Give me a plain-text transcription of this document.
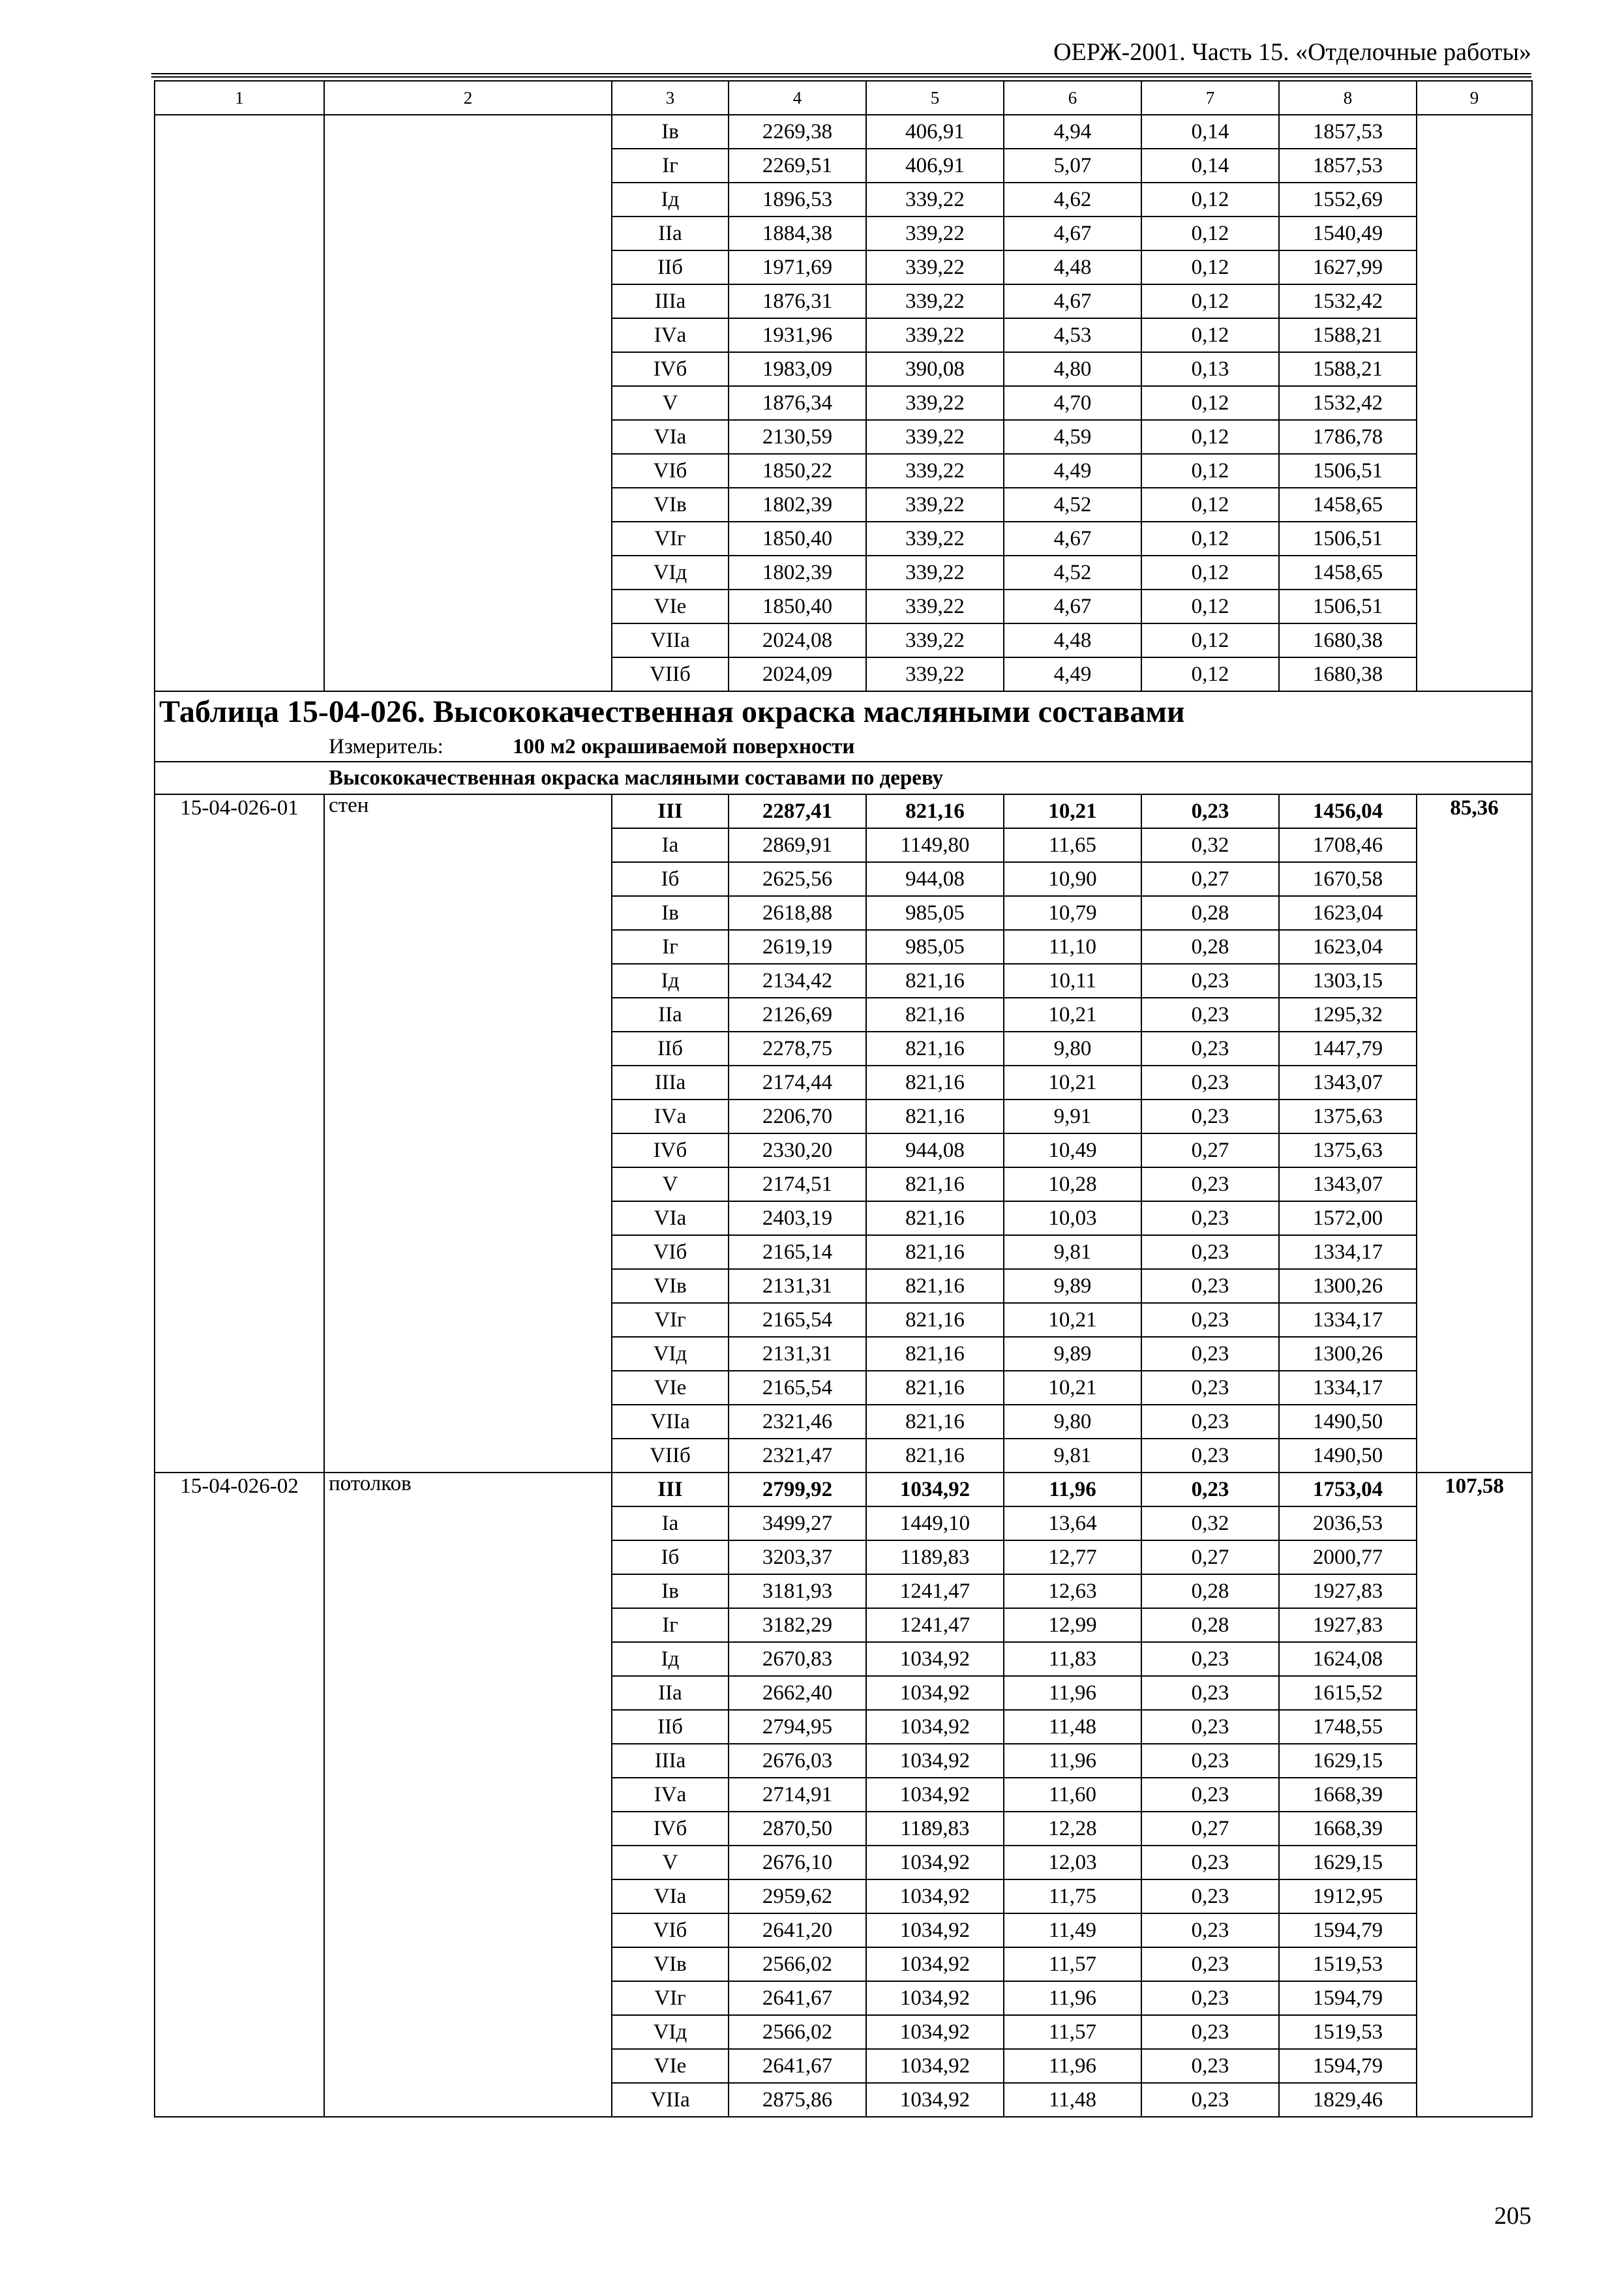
ОЕРЖ-2001. Часть 15. «Отделочные работы»
1	2	3	4	5	6	7	8	9
		Iв	2269,38	406,91	4,94	0,14	1857,53	
		Iг	2269,51	406,91	5,07	0,14	1857,53	
		Iд	1896,53	339,22	4,62	0,12	1552,69	
		IIа	1884,38	339,22	4,67	0,12	1540,49	
		IIб	1971,69	339,22	4,48	0,12	1627,99	
		IIIа	1876,31	339,22	4,67	0,12	1532,42	
		IVа	1931,96	339,22	4,53	0,12	1588,21	
		IVб	1983,09	390,08	4,80	0,13	1588,21	
		V	1876,34	339,22	4,70	0,12	1532,42	
		VIа	2130,59	339,22	4,59	0,12	1786,78	
		VIб	1850,22	339,22	4,49	0,12	1506,51	
		VIв	1802,39	339,22	4,52	0,12	1458,65	
		VIг	1850,40	339,22	4,67	0,12	1506,51	
		VIд	1802,39	339,22	4,52	0,12	1458,65	
		VIе	1850,40	339,22	4,67	0,12	1506,51	
		VIIа	2024,08	339,22	4,48	0,12	1680,38	
		VIIб	2024,09	339,22	4,49	0,12	1680,38	
Таблица 15-04-026. Высококачественная окраска масляными составами								
Измеритель: 100 м2 окрашиваемой поверхности								
Высококачественная окраска масляными составами по дереву								
15-04-026-01	стен	III	2287,41	821,16	10,21	0,23	1456,04	85,36
		Iа	2869,91	1149,80	11,65	0,32	1708,46	
		Iб	2625,56	944,08	10,90	0,27	1670,58	
		Iв	2618,88	985,05	10,79	0,28	1623,04	
		Iг	2619,19	985,05	11,10	0,28	1623,04	
		Iд	2134,42	821,16	10,11	0,23	1303,15	
		IIа	2126,69	821,16	10,21	0,23	1295,32	
		IIб	2278,75	821,16	9,80	0,23	1447,79	
		IIIа	2174,44	821,16	10,21	0,23	1343,07	
		IVа	2206,70	821,16	9,91	0,23	1375,63	
		IVб	2330,20	944,08	10,49	0,27	1375,63	
		V	2174,51	821,16	10,28	0,23	1343,07	
		VIа	2403,19	821,16	10,03	0,23	1572,00	
		VIб	2165,14	821,16	9,81	0,23	1334,17	
		VIв	2131,31	821,16	9,89	0,23	1300,26	
		VIг	2165,54	821,16	10,21	0,23	1334,17	
		VIд	2131,31	821,16	9,89	0,23	1300,26	
		VIе	2165,54	821,16	10,21	0,23	1334,17	
		VIIа	2321,46	821,16	9,80	0,23	1490,50	
		VIIб	2321,47	821,16	9,81	0,23	1490,50	
15-04-026-02	потолков	III	2799,92	1034,92	11,96	0,23	1753,04	107,58
		Iа	3499,27	1449,10	13,64	0,32	2036,53	
		Iб	3203,37	1189,83	12,77	0,27	2000,77	
		Iв	3181,93	1241,47	12,63	0,28	1927,83	
		Iг	3182,29	1241,47	12,99	0,28	1927,83	
		Iд	2670,83	1034,92	11,83	0,23	1624,08	
		IIа	2662,40	1034,92	11,96	0,23	1615,52	
		IIб	2794,95	1034,92	11,48	0,23	1748,55	
		IIIа	2676,03	1034,92	11,96	0,23	1629,15	
		IVа	2714,91	1034,92	11,60	0,23	1668,39	
		IVб	2870,50	1189,83	12,28	0,27	1668,39	
		V	2676,10	1034,92	12,03	0,23	1629,15	
		VIа	2959,62	1034,92	11,75	0,23	1912,95	
		VIб	2641,20	1034,92	11,49	0,23	1594,79	
		VIв	2566,02	1034,92	11,57	0,23	1519,53	
		VIг	2641,67	1034,92	11,96	0,23	1594,79	
		VIд	2566,02	1034,92	11,57	0,23	1519,53	
		VIе	2641,67	1034,92	11,96	0,23	1594,79	
		VIIа	2875,86	1034,92	11,48	0,23	1829,46	
205
